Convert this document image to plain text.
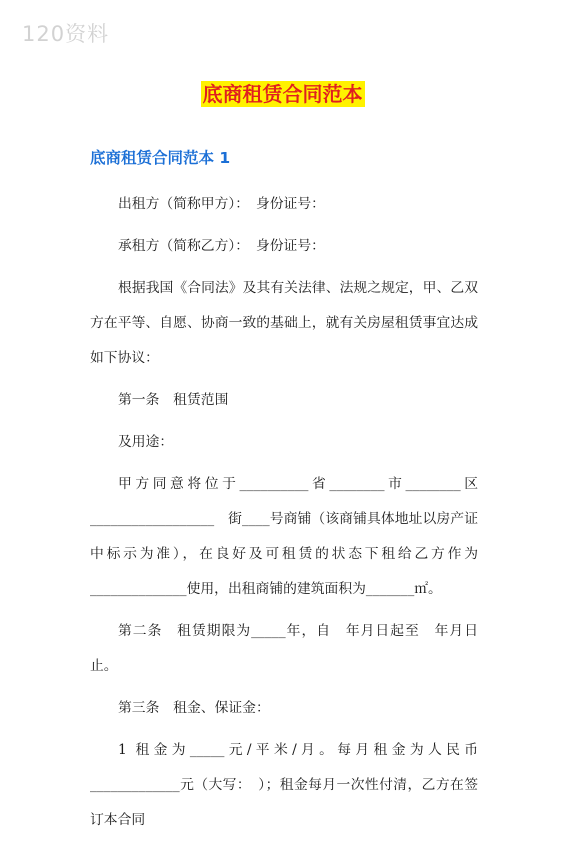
120资料
底商租赁合同范本
底商租赁合同范本 1

出租方（简称甲方）：　身份证号：

承租方（简称乙方）：　身份证号：

根据我国《合同法》及其有关法律、法规之规定，甲、乙双方在平等、自愿、协商一致的基础上，就有关房屋租赁事宜达成如下协议：

第一条　租赁范围

及用途：

甲方同意将位于__________省________市________区__________________　街____号商铺（该商铺具体地址以房产证中标示为准），在良好及可租赁的状态下租给乙方作为______________使用，出租商铺的建筑面积为_______㎡。

第二条　租赁期限为_____年，自　年月日起至　年月日止。

第三条　租金、保证金：

1 租金为_____元/平米/月。每月租金为人民币_____________元（大写：　）；租金每月一次性付清，乙方在签订本合同
